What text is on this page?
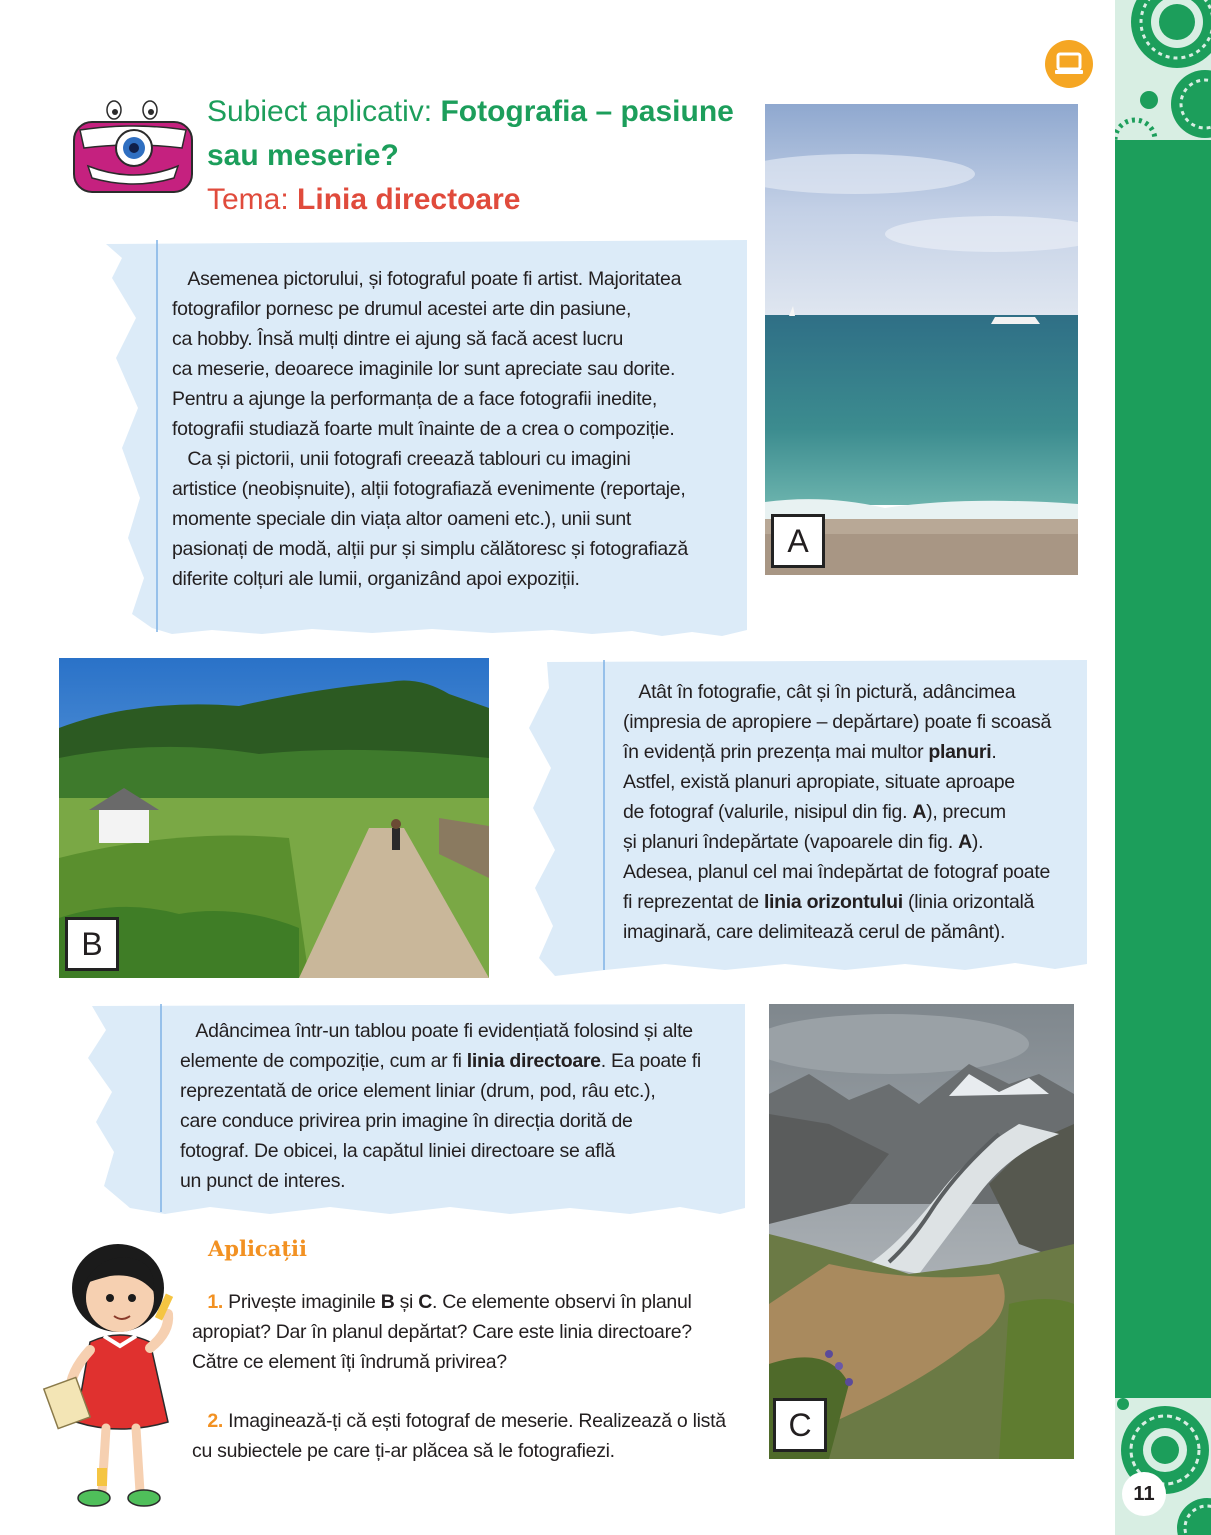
11
Subiect aplicativ: Fotografia – pasiune
sau meserie?
Tema: Linia directoare

Asemenea pictorului, și fotograful poate fi artist. Majoritatea

fotografilor pornesc pe drumul acestei arte din pasiune,

ca hobby. Însă mulți dintre ei ajung să facă acest lucru

ca meserie, deoarece imaginile lor sunt apreciate sau dorite.

Pentru a ajunge la performanța de a face fotografii inedite,

fotografii studiază foarte mult înainte de a crea o compoziție.

Ca și pictorii, unii fotografi creează tablouri cu imagini

artistice (neobișnuite), alții fotografiază evenimente (reportaje,

momente speciale din viața altor oameni etc.), unii sunt

pasionați de modă, alții pur și simplu călătoresc și fotografiază

diferite colțuri ale lumii, organizând apoi expoziții.

A
B

Atât în fotografie, cât și în pictură, adâncimea

(impresia de apropiere – depărtare) poate fi scoasă

în evidență prin prezența mai multor planuri.

Astfel, există planuri apropiate, situate aproape

de fotograf (valurile, nisipul din fig. A), precum

și planuri îndepărtate (vapoarele din fig. A).

Adesea, planul cel mai îndepărtat de fotograf poate

fi reprezentat de linia orizontului (linia orizontală

imaginară, care delimitează cerul de pământ).

Adâncimea într-un tablou poate fi evidențiată folosind și alte

elemente de compoziție, cum ar fi linia directoare. Ea poate fi

reprezentată de orice element liniar (drum, pod, râu etc.),

care conduce privirea prin imagine în direcția dorită de

fotograf. De obicei, la capătul liniei directoare se află

un punct de interes.

C
Aplicații

1. Privește imaginile B și C. Ce elemente observi în planul

apropiat? Dar în planul depărtat? Care este linia directoare?

Către ce element îți îndrumă privirea?

2. Imaginează-ți că ești fotograf de meserie. Realizează o listă

cu subiectele pe care ți-ar plăcea să le fotografiezi.
